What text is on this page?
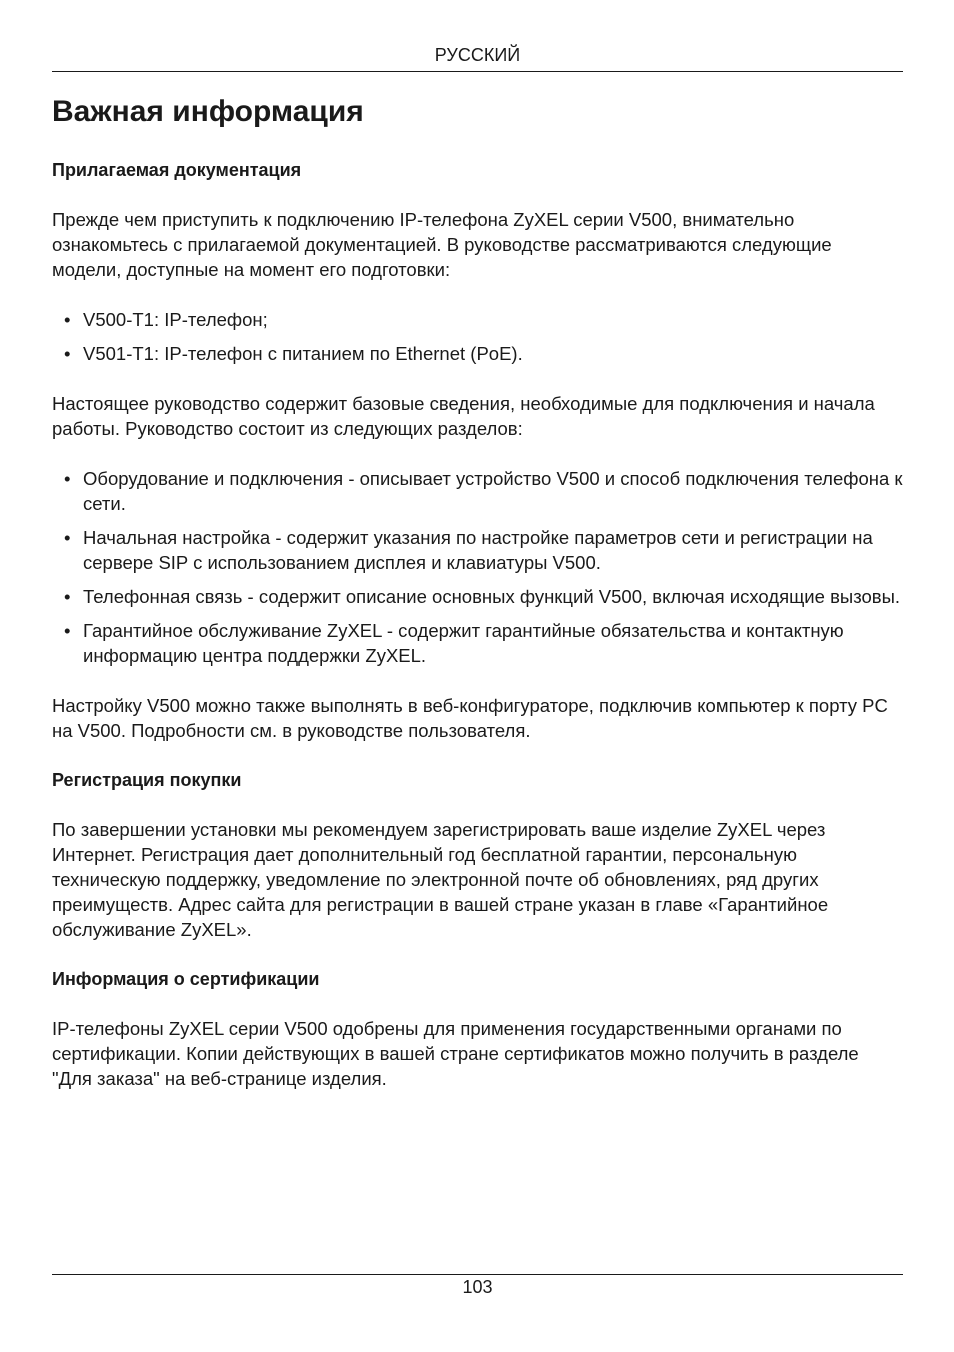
РУССКИЙ
Важная информация
Прилагаемая документация

Прежде чем приступить к подключению IP-телефона ZyXEL серии V500, внимательно ознакомьтесь с прилагаемой документацией. В руководстве рассматриваются следующие модели, доступные на момент его подготовки:

• V500-T1: IP-телефон;
• V501-T1: IP-телефон с питанием по Ethernet (PoE).

Настоящее руководство содержит базовые сведения, необходимые для подключения и начала работы. Руководство состоит из следующих разделов:

• Оборудование и подключения - описывает устройство V500 и способ подключения телефона к сети.
• Начальная настройка - содержит указания по настройке параметров сети и регистрации на сервере SIP с использованием дисплея и клавиатуры V500.
• Телефонная связь - содержит описание основных функций V500, включая исходящие вызовы.
• Гарантийное обслуживание ZyXEL - содержит гарантийные обязательства и контактную информацию центра поддержки ZyXEL.

Настройку V500 можно также выполнять в веб-конфигураторе, подключив компьютер к порту PC на V500. Подробности см. в руководстве пользователя.

Регистрация покупки

По завершении установки мы рекомендуем зарегистрировать ваше изделие ZyXEL через Интернет. Регистрация дает дополнительный год бесплатной гарантии, персональную техническую поддержку, уведомление по электронной почте об обновлениях, ряд других преимуществ. Адрес сайта для регистрации в вашей стране указан в главе «Гарантийное обслуживание ZyXEL».

Информация о сертификации

IP-телефоны ZyXEL серии V500 одобрены для применения государственными органами по сертификации. Копии действующих в вашей стране сертификатов можно получить в разделе "Для заказа" на веб-странице изделия.

103
